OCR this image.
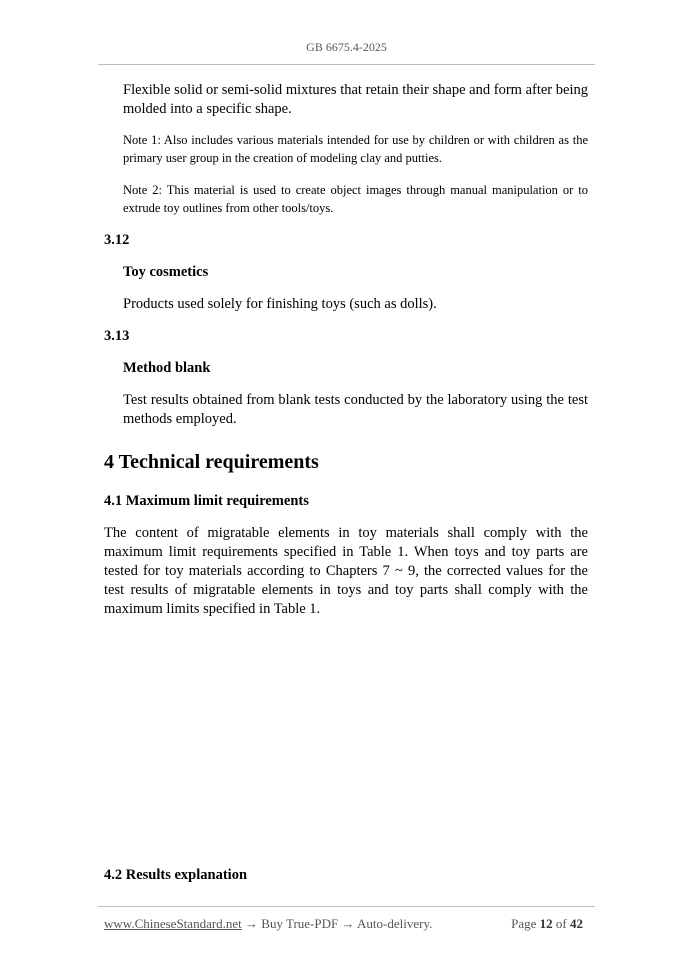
GB 6675.4-2025

Flexible solid or semi-solid mixtures that retain their shape and form after being molded into a specific shape.

Note 1: Also includes various materials intended for use by children or with children as the primary user group in the creation of modeling clay and putties.

Note 2: This material is used to create object images through manual manipulation or to extrude toy outlines from other tools/toys.

3.12

Toy cosmetics

Products used solely for finishing toys (such as dolls).

3.13

Method blank

Test results obtained from blank tests conducted by the laboratory using the test methods employed.

4 Technical requirements

4.1 Maximum limit requirements

The content of migratable elements in toy materials shall comply with the maximum limit requirements specified in Table 1. When toys and toy parts are tested for toy materials according to Chapters 7 ~ 9, the corrected values for the test results of migratable elements in toys and toy parts shall comply with the maximum limits specified in Table 1.

4.2 Results explanation

www.ChineseStandard.net → Buy True-PDF → Auto-delivery.	Page 12 of 42
